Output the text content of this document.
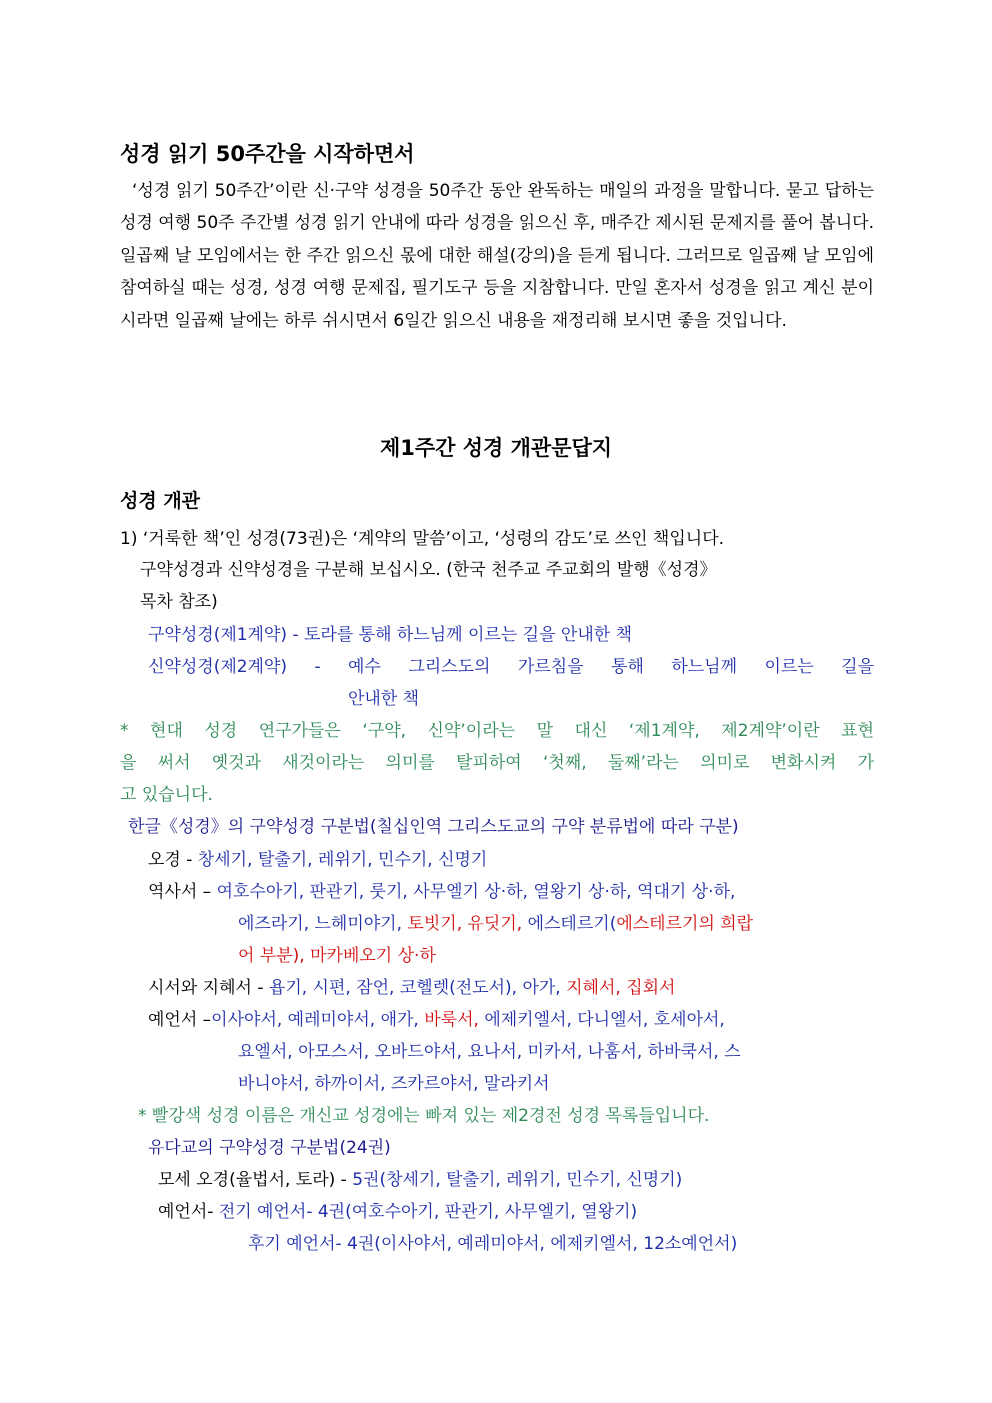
성경 읽기 50주간을 시작하면서
‘성경 읽기 50주간’이란 신·구약 성경을 50주간 동안 완독하는 매일의 과정을 말합니다. 묻고 답하는 성경 여행 50주 주간별 성경 읽기 안내에 따라 성경을 읽으신 후, 매주간 제시된 문제지를 풀어 봅니다. 일곱째 날 모임에서는 한 주간 읽으신 몫에 대한 해설(강의)을 듣게 됩니다. 그러므로 일곱째 날 모임에 참여하실 때는 성경, 성경 여행 문제집, 필기도구 등을 지참합니다. 만일 혼자서 성경을 읽고 계신 분이시라면 일곱째 날에는 하루 쉬시면서 6일간 읽으신 내용을 재정리해 보시면 좋을 것입니다.
제1주간 성경 개관문답지
성경 개관
1) ‘거룩한 책’인 성경(73권)은 ‘계약의 말씀’이고, ‘성령의 감도’로 쓰인 책입니다.
구약성경과 신약성경을 구분해 보십시오. (한국 천주교 주교회의 발행《성경》
목차 참조)
구약성경(제1계약) - 토라를 통해 하느님께 이르는 길을 안내한 책
신약성경(제2계약) - 예수 그리스도의 가르침을 통해 하느님께 이르는 길을
안내한 책
* 현대 성경 연구가들은 ‘구약, 신약’이라는 말 대신 ‘제1계약, 제2계약’이란 표현
을 써서 옛것과 새것이라는 의미를 탈피하여 ‘첫째, 둘째’라는 의미로 변화시켜 가
고 있습니다.
한글《성경》의 구약성경 구분법(칠십인역 그리스도교의 구약 분류법에 따라 구분)
오경 - 창세기, 탈출기, 레위기, 민수기, 신명기
역사서 – 여호수아기, 판관기, 룻기, 사무엘기 상·하, 열왕기 상·하, 역대기 상·하,
에즈라기, 느헤미야기, 토빗기, 유딧기, 에스테르기(에스테르기의 희랍
어 부분), 마카베오기 상·하
시서와 지혜서 - 욥기, 시편, 잠언, 코헬렛(전도서), 아가, 지혜서, 집회서
예언서 –이사야서, 예레미야서, 애가, 바룩서, 에제키엘서, 다니엘서, 호세아서,
요엘서, 아모스서, 오바드야서, 요나서, 미카서, 나훔서, 하바쿡서, 스
바니야서, 하까이서, 즈카르야서, 말라키서
* 빨강색 성경 이름은 개신교 성경에는 빠져 있는 제2경전 성경 목록들입니다.
유다교의 구약성경 구분법(24권)
모세 오경(율법서, 토라) - 5권(창세기, 탈출기, 레위기, 민수기, 신명기)
예언서- 전기 예언서- 4권(여호수아기, 판관기, 사무엘기, 열왕기)
후기 예언서- 4권(이사야서, 예레미야서, 에제키엘서, 12소예언서)
